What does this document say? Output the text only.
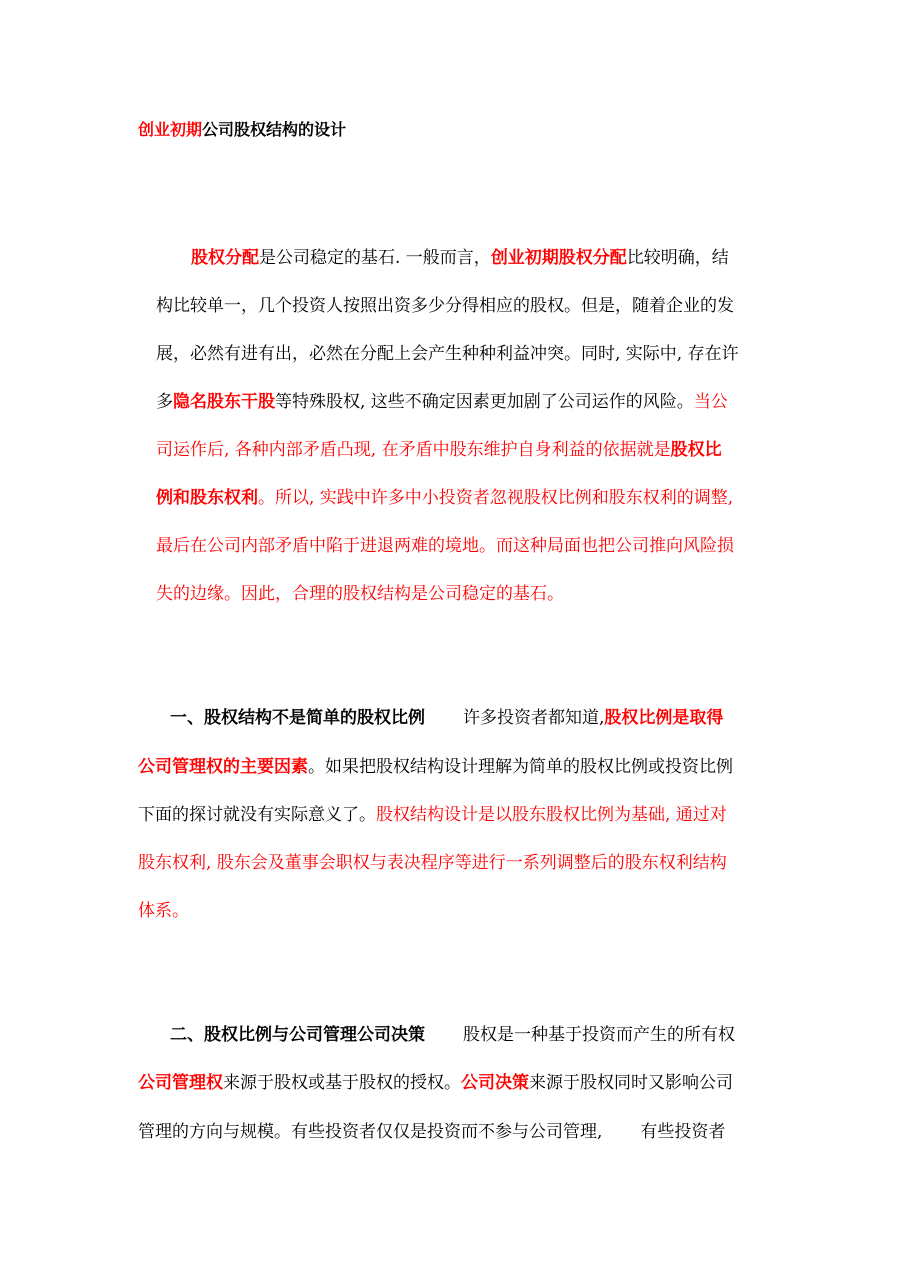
创业初期公司股权结构的设计
股权分配是公司稳定的基石. 一般而言，创业初期股权分配比较明确，结
构比较单一，几个投资人按照出资多少分得相应的股权。但是，随着企业的发
展，必然有进有出，必然在分配上会产生种种利益冲突。同时, 实际中, 存在许
多隐名股东干股等特殊股权, 这些不确定因素更加剧了公司运作的风险。当公
司运作后, 各种内部矛盾凸现, 在矛盾中股东维护自身利益的依据就是股权比
例和股东权利。所以, 实践中许多中小投资者忽视股权比例和股东权利的调整,
最后在公司内部矛盾中陷于进退两难的境地。而这种局面也把公司推向风险损
失的边缘。因此，合理的股权结构是公司稳定的基石。
一、股权结构不是简单的股权比例 许多投资者都知道,股权比例是取得
公司管理权的主要因素。如果把股权结构设计理解为简单的股权比例或投资比例
下面的探讨就没有实际意义了。股权结构设计是以股东股权比例为基础, 通过对
股东权利, 股东会及董事会职权与表决程序等进行一系列调整后的股东权利结构
体系。
二、股权比例与公司管理公司决策 股权是一种基于投资而产生的所有权
公司管理权来源于股权或基于股权的授权。公司决策来源于股权同时又影响公司
管理的方向与规模。有些投资者仅仅是投资而不参与公司管理, 有些投资者
